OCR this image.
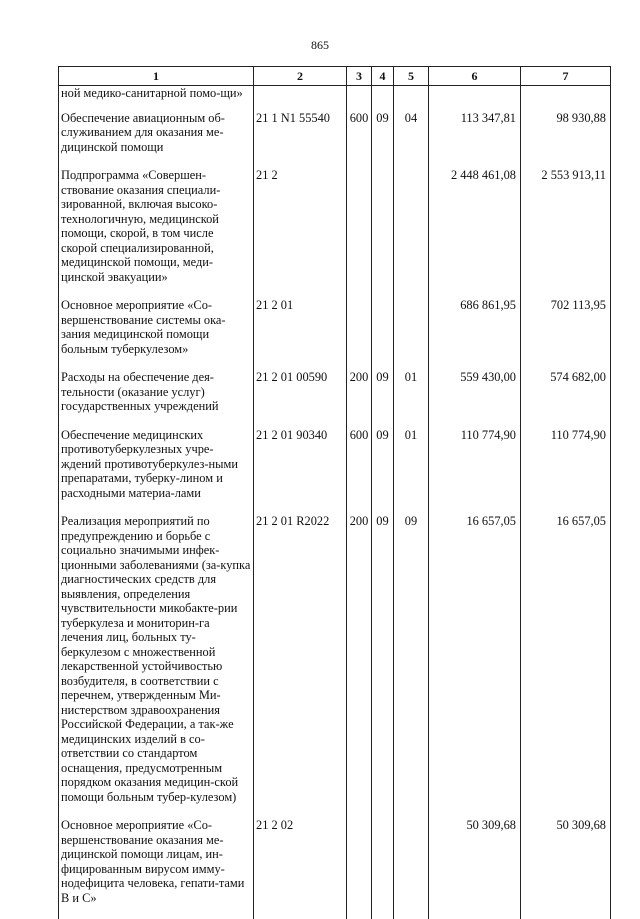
865
1	2	3	4	5	6	7
ной медико-санитарной помо-щи»						
Обеспечение авиационным об-служиванием для оказания ме-дицинской помощи	21 1 N1 55540	600	09	04	113 347,81	98 930,88
Подпрограмма «Совершен-ствование оказания специали-зированной, включая высоко-технологичную, медицинской помощи, скорой, в том числе скорой специализированной, медицинской помощи, меди-цинской эвакуации»	21 2				2 448 461,08	2 553 913,11
Основное мероприятие «Со-вершенствование системы ока-зания медицинской помощи больным туберкулезом»	21 2 01				686 861,95	702 113,95
Расходы на обеспечение дея-тельности (оказание услуг) государственных учреждений	21 2 01 00590	200	09	01	559 430,00	574 682,00
Обеспечение медицинских противотуберкулезных учре-ждений противотуберкулез-ными препаратами, туберку-лином и расходными материа-лами	21 2 01 90340	600	09	01	110 774,90	110 774,90
Реализация мероприятий по предупреждению и борьбе с социально значимыми инфек-ционными заболеваниями (за-купка диагностических средств для выявления, определения чувствительности микобакте-рии туберкулеза и мониторин-га лечения лиц, больных ту-беркулезом с множественной лекарственной устойчивостью возбудителя, в соответствии с перечнем, утвержденным Ми-нистерством здравоохранения Российской Федерации, а так-же медицинских изделий в со-ответствии со стандартом оснащения, предусмотренным порядком оказания медицин-ской помощи больным тубер-кулезом)	21 2 01 R2022	200	09	09	16 657,05	16 657,05
Основное мероприятие «Со-вершенствование оказания ме-дицинской помощи лицам, ин-фицированным вирусом имму-нодефицита человека, гепати-тами В и С»	21 2 02				50 309,68	50 309,68
